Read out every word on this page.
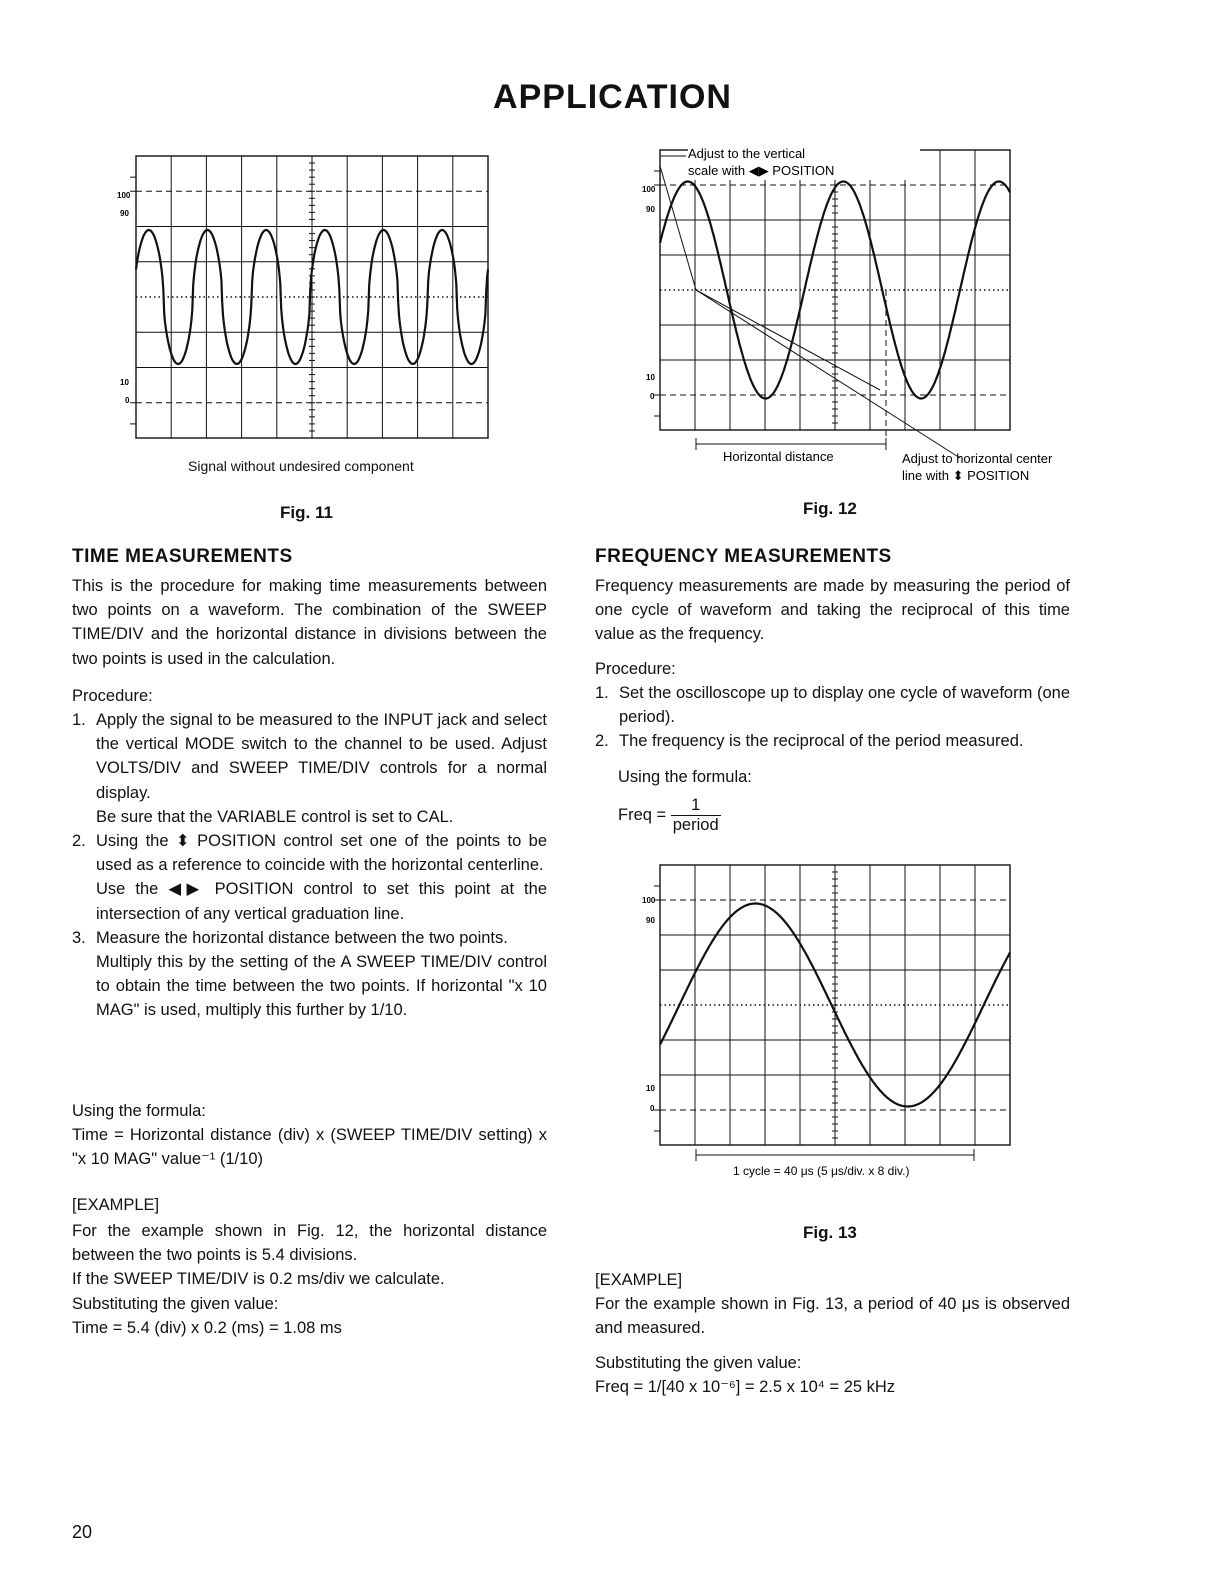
APPLICATION
100
90
10
0
Signal without undesired component
Fig. 11
100
90
10
0
Adjust to the vertical
scale with ◀▶ POSITION
Horizontal distance	Adjust to horizontal center
line with ⬍ POSITION
Fig. 12
100
90
10
0
1 cycle = 40 μs (5 μs/div. x 8 div.)
Fig. 13
TIME MEASUREMENTS

This is the procedure for making time measurements between two points on a waveform. The combination of the SWEEP TIME/DIV and the horizontal distance in divisions between the two points is used in the calculation.

Procedure:

1. Apply the signal to be measured to the INPUT jack and select the vertical MODE switch to the channel to be used. Adjust VOLTS/DIV and SWEEP TIME/DIV controls for a normal display.

Be sure that the VARIABLE control is set to CAL.

2. Using the ⬍ POSITION control set one of the points to be used as a reference to coincide with the horizontal centerline.

Use the ◀▶ POSITION control to set this point at the intersection of any vertical graduation line.

3. Measure the horizontal distance between the two points.

Multiply this by the setting of the A SWEEP TIME/DIV control to obtain the time between the two points. If horizontal "x 10 MAG" is used, multiply this further by 1/10.

Using the formula:

Time = Horizontal distance (div) x (SWEEP TIME/DIV setting) x "x 10 MAG" value⁻¹ (1/10)

[EXAMPLE]

For the example shown in Fig. 12, the horizontal distance between the two points is 5.4 divisions.

If the SWEEP TIME/DIV is 0.2 ms/div we calculate.

Substituting the given value:

Time = 5.4 (div) x 0.2 (ms) = 1.08 ms

FREQUENCY MEASUREMENTS

Frequency measurements are made by measuring the period of one cycle of waveform and taking the reciprocal of this time value as the frequency.

Procedure:

1. Set the oscilloscope up to display one cycle of waveform (one period).

2. The frequency is the reciprocal of the period measured.

Using the formula:

Freq = $\frac{1}{\text{period}}$

[EXAMPLE]

For the example shown in Fig. 13, a period of 40 μs is observed and measured.

Substituting the given value:

Freq = 1/[40 x 10⁻⁶] = 2.5 x 10⁴ = 25 kHz

20
